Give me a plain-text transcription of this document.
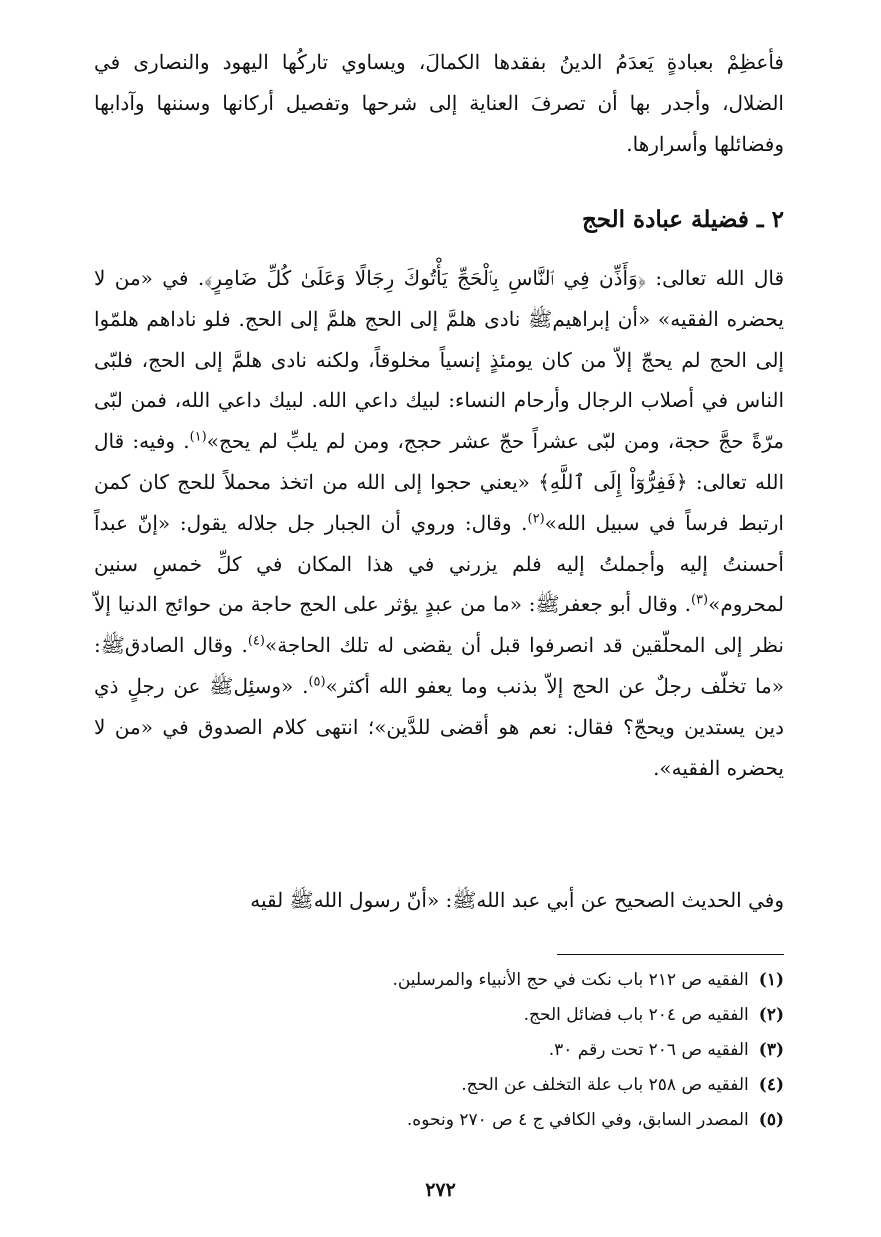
فأعظِمْ بعبادةٍ يَعدَمُ الدينُ بفقدها الكمالَ، ويساوي تاركُها اليهود والنصارى في الضلال، وأجدر بها أن تصرفَ العناية إلى شرحها وتفصيل أركانها وسننها وآدابها وفضائلها وأسرارها.

٢ ـ فضيلة عبادة الحج

قال الله تعالى: ﴿وَأَذِّن فِي ٱلنَّاسِ بِٱلْحَجِّ يَأْتُوكَ رِجَالًا وَعَلَىٰ كُلِّ ضَامِرٍ﴾. في «من لا يحضره الفقيه» «أن إبراهيمﷺ نادى هلمَّ إلى الحج هلمَّ إلى الحج. فلو ناداهم هلمّوا إلى الحج لم يحجّ إلاّ من كان يومئذٍ إنسياً مخلوقاً، ولكنه نادى هلمَّ إلى الحج، فلبّى الناس في أصلاب الرجال وأرحام النساء: لبيك داعي الله. لبيك داعي الله، فمن لبّى مرّةً حجَّ حجة، ومن لبّى عشراً حجّ عشر حجج، ومن لم يلبِّ لم يحج»$^{(١)}$. وفيه: قال الله تعالى: ﴿فَفِرُّوٓاْ إِلَى ٱللَّهِ﴾ «يعني حجوا إلى الله من اتخذ محملاً للحج كان كمن ارتبط فرساً في سبيل الله»$^{(٢)}$. وقال: وروي أن الجبار جل جلاله يقول: «إنّ عبداً أحسنتُ إليه وأجملتُ إليه فلم يزرني في هذا المكان في كلِّ خمسِ سنين لمحروم»$^{(٣)}$. وقال أبو جعفرﷺ: «ما من عبدٍ يؤثر على الحج حاجة من حوائج الدنيا إلاّ نظر إلى المحلّقين قد انصرفوا قبل أن يقضى له تلك الحاجة»$^{(٤)}$. وقال الصادقﷺ: «ما تخلّف رجلٌ عن الحج إلاّ بذنب وما يعفو الله أكثر»$^{(٥)}$. «وسئِلﷺ عن رجلٍ ذي دين يستدين ويحجّ؟ فقال: نعم هو أقضى للدَّين»؛ انتهى كلام الصدوق في «من لا يحضره الفقيه».

وفي الحديث الصحيح عن أبي عبد اللهﷺ: «أنّ رسول اللهﷺ لقيه

(١)الفقيه ص ٢١٢ باب نكت في حج الأنبياء والمرسلين.
(٢)الفقيه ص ٢٠٤ باب فضائل الحج.
(٣)الفقيه ص ٢٠٦ تحت رقم ٣٠.
(٤)الفقيه ص ٢٥٨ باب علة التخلف عن الحج.
(٥)المصدر السابق، وفي الكافي ج ٤ ص ٢٧٠ ونحوه.
٢٧٢
